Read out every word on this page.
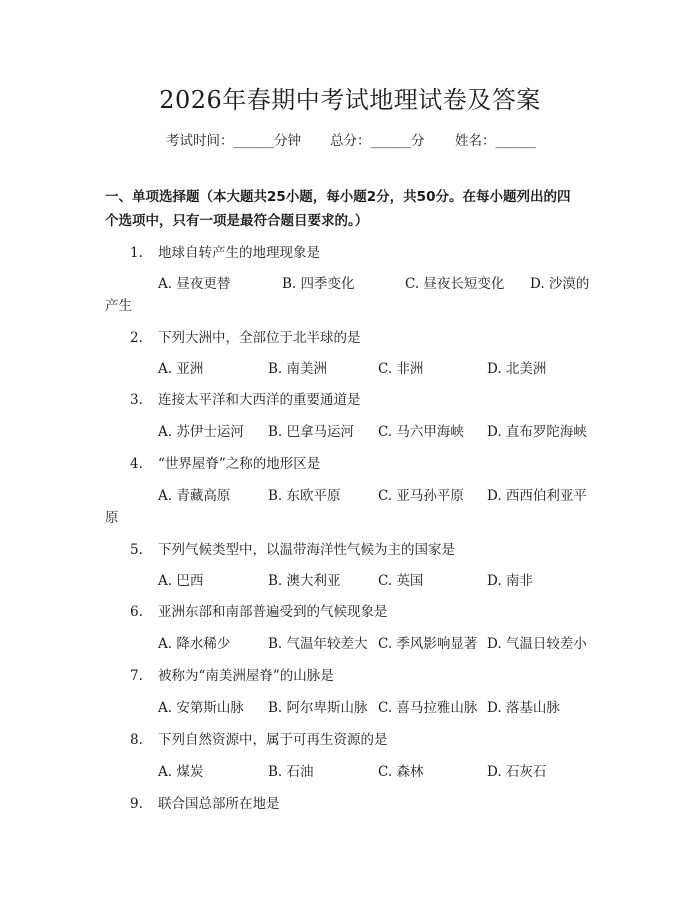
2026年春期中考试地理试卷及答案
考试时间：______分钟 总分：______分 姓名：______
一、单项选择题（本大题共25小题，每小题2分，共50分。在每小题列出的四
个选项中，只有一项是最符合题目要求的。）
1. 地球自转产生的地理现象是
A. 昼夜更替	B. 四季变化	C. 昼夜长短变化 D. 沙漠的
产生
2. 下列大洲中，全部位于北半球的是
A. 亚洲	B. 南美洲	C. 非洲	D. 北美洲
3. 连接太平洋和大西洋的重要通道是
A. 苏伊士运河 B. 巴拿马运河 C. 马六甲海峡 D. 直布罗陀海峡
4. “世界屋脊”之称的地形区是
A. 青藏高原	B. 东欧平原	C. 亚马孙平原 D. 西西伯利亚平
原
5. 下列气候类型中，以温带海洋性气候为主的国家是
A. 巴西	B. 澳大利亚	C. 英国	D. 南非
6. 亚洲东部和南部普遍受到的气候现象是
A. 降水稀少	B. 气温年较差大 C. 季风影响显著 D. 气温日较差小
7. 被称为“南美洲屋脊”的山脉是
A. 安第斯山脉 B. 阿尔卑斯山脉 C. 喜马拉雅山脉 D. 落基山脉
8. 下列自然资源中，属于可再生资源的是
A. 煤炭	B. 石油	C. 森林	D. 石灰石
9. 联合国总部所在地是
